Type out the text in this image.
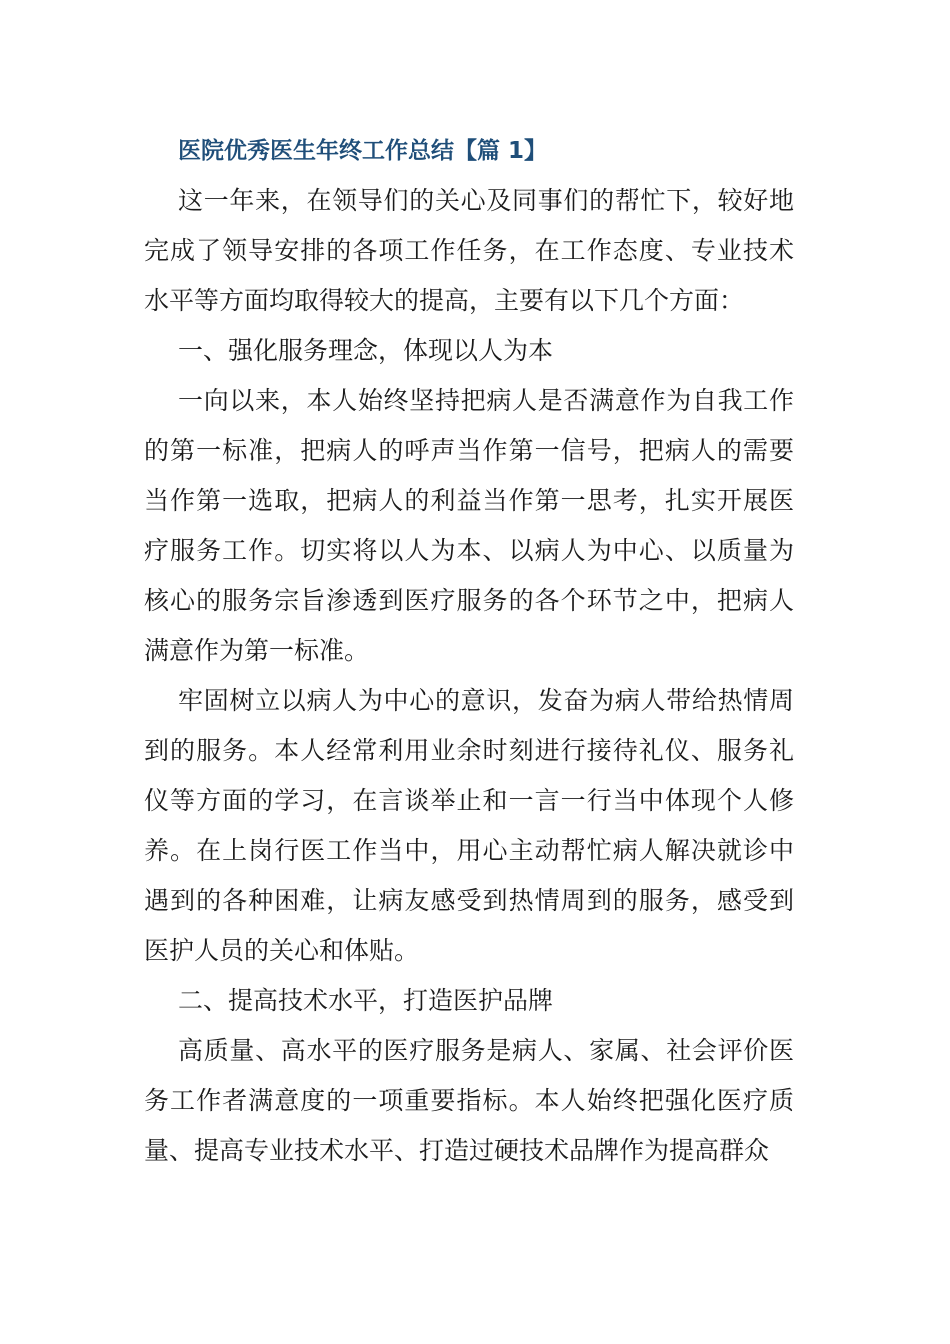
医院优秀医生年终工作总结【篇 1】

这一年来，在领导们的关心及同事们的帮忙下，较好地完成了领导安排的各项工作任务，在工作态度、专业技术水平等方面均取得较大的提高，主要有以下几个方面：

一、强化服务理念，体现以人为本

一向以来，本人始终坚持把病人是否满意作为自我工作的第一标准，把病人的呼声当作第一信号，把病人的需要当作第一选取，把病人的利益当作第一思考，扎实开展医疗服务工作。切实将以人为本、以病人为中心、以质量为核心的服务宗旨渗透到医疗服务的各个环节之中，把病人满意作为第一标准。

牢固树立以病人为中心的意识，发奋为病人带给热情周到的服务。本人经常利用业余时刻进行接待礼仪、服务礼仪等方面的学习，在言谈举止和一言一行当中体现个人修养。在上岗行医工作当中，用心主动帮忙病人解决就诊中遇到的各种困难，让病友感受到热情周到的服务，感受到医护人员的关心和体贴。

二、提高技术水平，打造医护品牌

高质量、高水平的医疗服务是病人、家属、社会评价医务工作者满意度的一项重要指标。本人始终把强化医疗质量、提高专业技术水平、打造过硬技术品牌作为提高群众
